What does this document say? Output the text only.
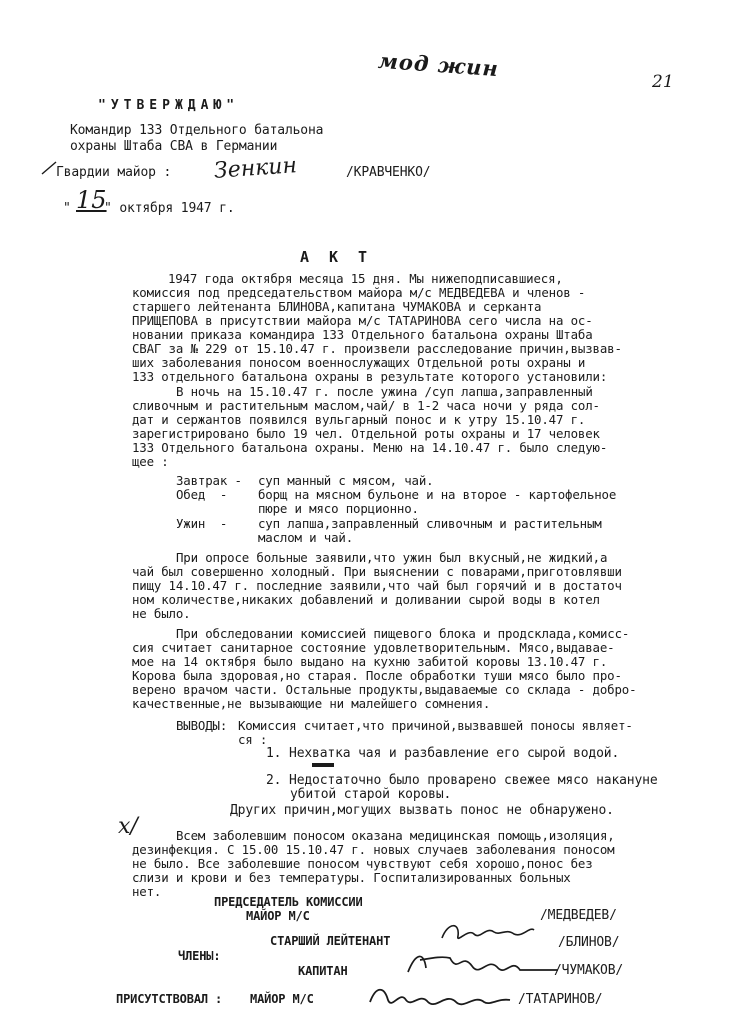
мод жин
21
"УТВЕРЖДАЮ"
Командир 133 Отдельного батальона
охраны Штаба СВА в Германии
Гвардии майор : Зенкин	/КРАВЧЕНКО/
" 15
" октября 1947 г.
АКТ
1947 года октября месяца 15 дня. Мы нижеподписавшиеся,
комиссия под председательством майора м/с МЕДВЕДЕВА и членов -
старшего лейтенанта БЛИНОВА,капитана ЧУМАКОВА и серканта
ПРИЩЕПОВА в присутствии майора м/с ТАТАРИНОВА сего числа на ос-
новании приказа командира 133 Отдельного батальона охраны Штаба
СВАГ за № 229 от 15.10.47 г. произвели расследование причин,вызвав-
ших заболевания поносом военнослужащих Отдельной роты охраны и
133 отдельного батальона охраны в результате которого установили:
В ночь на 15.10.47 г. после ужина /суп лапша,заправленный
сливочным и растительным маслом,чай/ в 1-2 часа ночи у ряда сол-
дат и сержантов появился вульгарный понос и к утру 15.10.47 г.
зарегистрировано было 19 чел. Отдельной роты охраны и 17 человек
133 Отдельного батальона охраны. Меню на 14.10.47 г. было следую-
щее :
Завтрак - суп манный с мясом, чай.
Обед  - борщ на мясном бульоне и на второе - картофельное
пюре и мясо порционно.
Ужин  - суп лапша,заправленный сливочным и растительным
маслом и чай.
При опросе больные заявили,что ужин был вкусный,не жидкий,а
чай был совершенно холодный. При выяснении с поварами,приготовлявши
пищу 14.10.47 г. последние заявили,что чай был горячий и в достаточ
ном количестве,никаких добавлений и доливании сырой воды в котел
не было.
При обследовании комиссией пищевого блока и продсклада,комисс-
сия считает санитарное состояние удовлетворительным. Мясо,выдавае-
мое на 14 октября было выдано на кухню забитой коровы 13.10.47 г.
Корова была здоровая,но старая. После обработки туши мясо было про-
верено врачом части. Остальные продукты,выдаваемые со склада - добро-
качественные,не вызывающие ни малейшего сомнения.
ВЫВОДЫ: Комиссия считает,что причиной,вызвавшей поносы являет-
ся :
1. Нехватка чая и разбавление его сырой водой.
2. Недостаточно было проварено свежее мясо накануне
убитой старой коровы.
Других причин,могущих вызвать понос не обнаружено.
x/	Всем заболевшим поносом оказана медицинская помощь,изоляция,
дезинфекция. С 15.00 15.10.47 г. новых случаев заболевания поносом
не было. Все заболевшие поносом чувствуют себя хорошо,понос без
слизи и крови и без температуры. Госпитализированных больных
нет.
ПРЕДСЕДАТЕЛЬ КОМИССИИ
МАЙОР М/С	/МЕДВЕДЕВ/
ЧЛЕНЫ:
СТАРШИЙ ЛЕЙТЕНАНТ	/БЛИНОВ/
КАПИТАН	/ЧУМАКОВ/
ПРИСУТСТВОВАЛ : МАЙОР М/С	/ТАТАРИНОВ/
